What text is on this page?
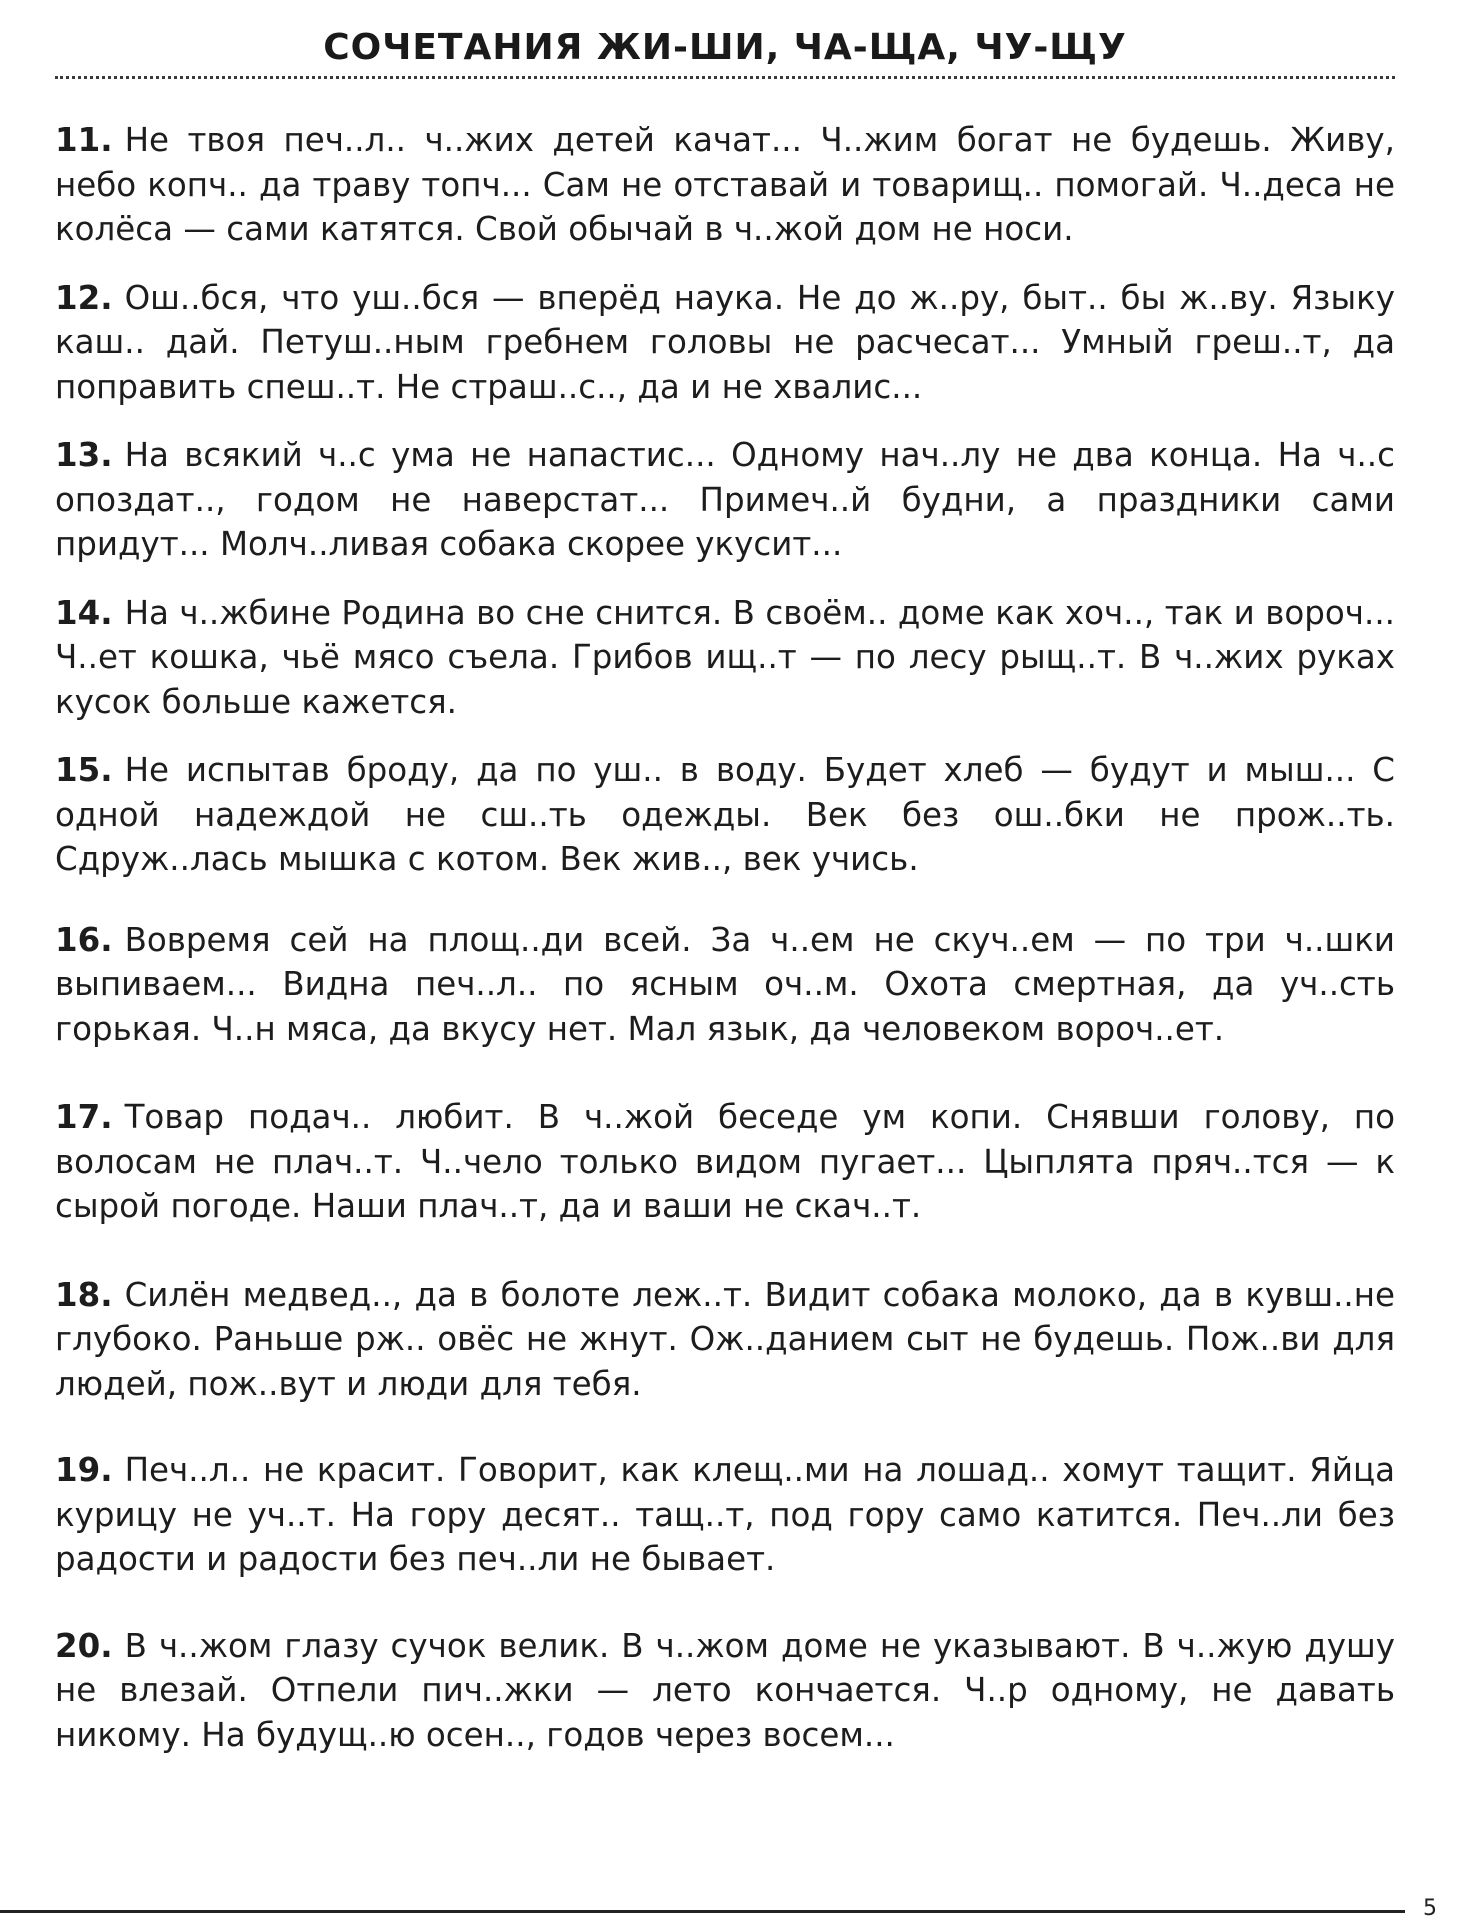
СОЧЕТАНИЯ ЖИ-ШИ, ЧА-ЩА, ЧУ-ЩУ

11. Не твоя печ..л.. ч..жих детей качат... Ч..жим богат не будешь. Живу, небо копч.. да траву топч... Сам не отставай и товарищ.. помогай. Ч..деса не колёса — сами катятся. Свой обычай в ч..жой дом не носи.

12. Ош..бся, что уш..бся — вперёд наука. Не до ж..ру, быт.. бы ж..ву. Языку каш.. дай. Петуш..ным гребнем головы не расчесат... Умный греш..т, да поправить спеш..т. Не страш..с.., да и не хвалис...

13. На всякий ч..с ума не напастис... Одному нач..лу не два конца. На ч..с опоздат.., годом не наверстат... Примеч..й будни, а праздники сами придут... Молч..ливая собака скорее укусит...

14. На ч..жбине Родина во сне снится. В своём.. доме как хоч.., так и вороч... Ч..ет кошка, чьё мясо съела. Грибов ищ..т — по лесу рыщ..т. В ч..жих руках кусок больше кажется.

15. Не испытав броду, да по уш.. в воду. Будет хлеб — будут и мыш... С одной надеждой не сш..ть одежды. Век без ош..бки не прож..ть. Сдруж..лась мышка с котом. Век жив.., век учись.

16. Вовремя сей на площ..ди всей. За ч..ем не скуч..ем — по три ч..шки выпиваем... Видна печ..л.. по ясным оч..м. Охота смертная, да уч..сть горькая. Ч..н мяса, да вкусу нет. Мал язык, да человеком вороч..ет.

17. Товар подач.. любит. В ч..жой беседе ум копи. Снявши голову, по волосам не плач..т. Ч..чело только видом пугает... Цыплята пряч..тся — к сырой погоде. Наши плач..т, да и ваши не скач..т.

18. Силён медвед.., да в болоте леж..т. Видит собака молоко, да в кувш..не глубоко. Раньше рж.. овёс не жнут. Ож..данием сыт не будешь. Пож..ви для людей, пож..вут и люди для тебя.

19. Печ..л.. не красит. Говорит, как клещ..ми на лошад.. хомут тащит. Яйца курицу не уч..т. На гору десят.. тащ..т, под гору само катится. Печ..ли без радости и радости без печ..ли не бывает.

20. В ч..жом глазу сучок велик. В ч..жом доме не указывают. В ч..жую душу не влезай. Отпели пич..жки — лето кончается. Ч..р одному, не давать никому. На будущ..ю осен.., годов через восем...

5
